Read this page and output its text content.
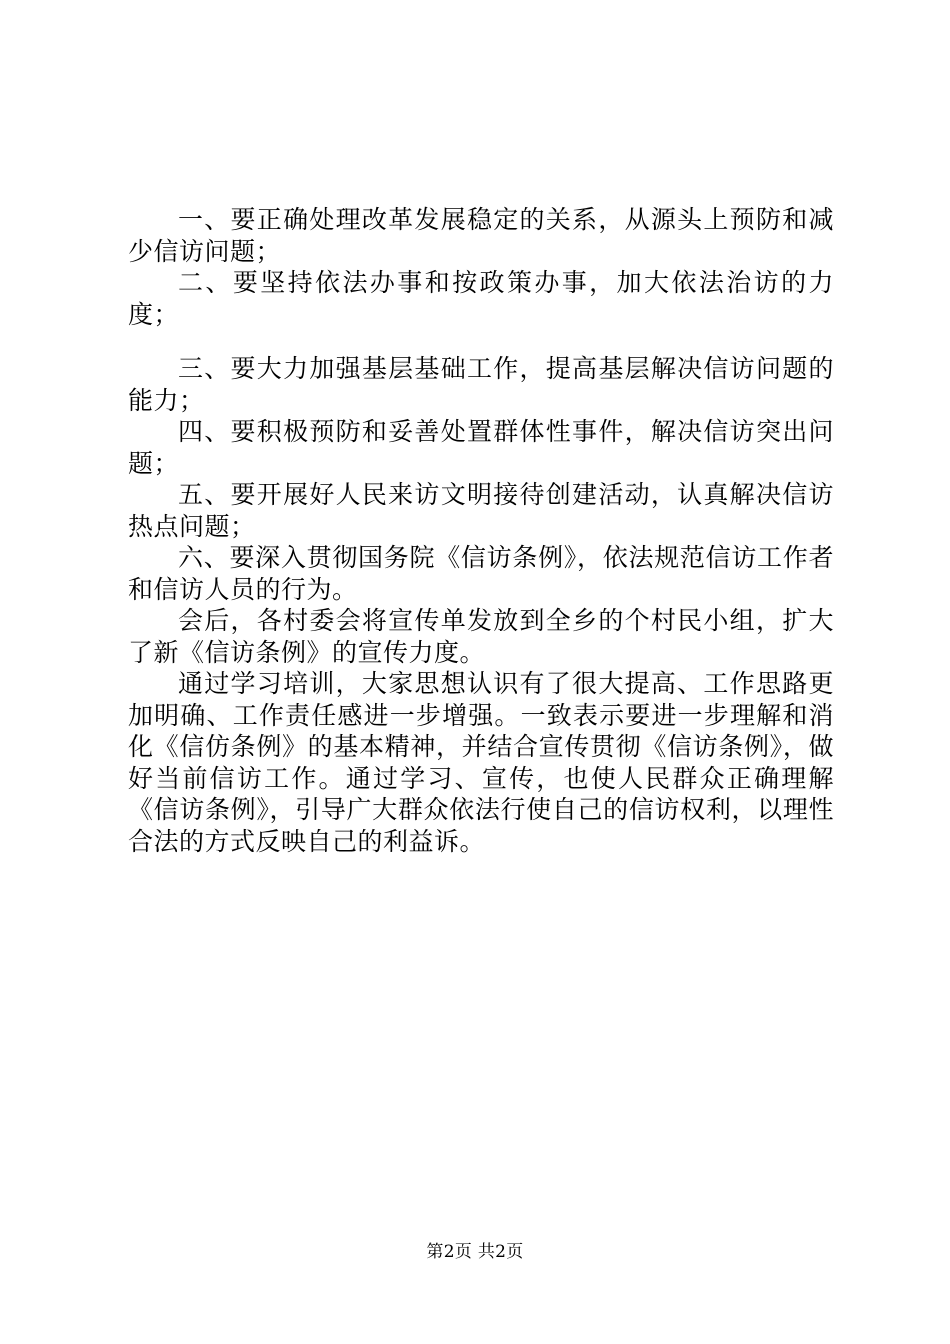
一、要正确处理改革发展稳定的关系，从源头上预防和减少信访问题；

二、要坚持依法办事和按政策办事，加大依法治访的力度；

三、要大力加强基层基础工作，提高基层解决信访问题的能力；

四、要积极预防和妥善处置群体性事件，解决信访突出问题；

五、要开展好人民来访文明接待创建活动，认真解决信访热点问题；

六、要深入贯彻国务院《信访条例》，依法规范信访工作者和信访人员的行为。

会后，各村委会将宣传单发放到全乡的个村民小组，扩大了新《信访条例》的宣传力度。

通过学习培训，大家思想认识有了很大提高、工作思路更加明确、工作责任感进一步增强。一致表示要进一步理解和消化《信仿条例》的基本精神，并结合宣传贯彻《信访条例》，做好当前信访工作。通过学习、宣传，也使人民群众正确理解《信访条例》，引导广大群众依法行使自己的信访权利，以理性合法的方式反映自己的利益诉。

第2页 共2页
